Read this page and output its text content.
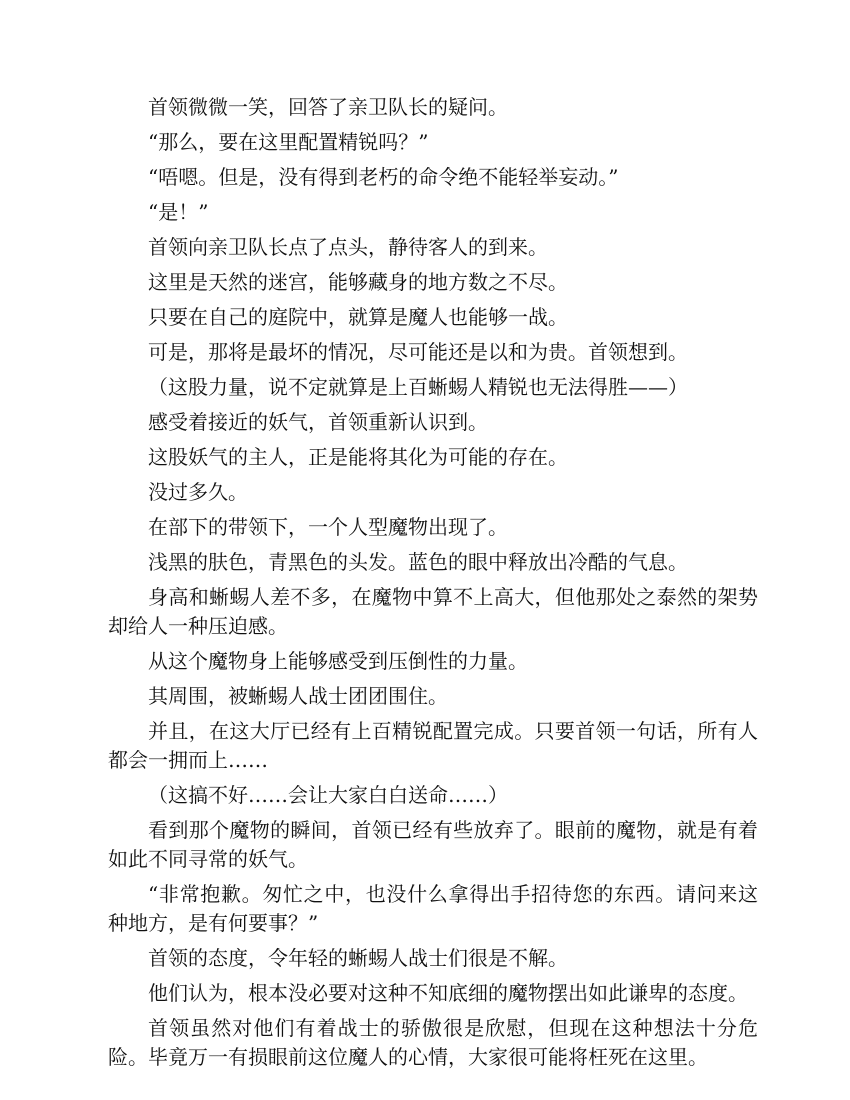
首领微微一笑，回答了亲卫队长的疑问。

“那么，要在这里配置精锐吗？”

“唔嗯。但是，没有得到老朽的命令绝不能轻举妄动。”

“是！”

首领向亲卫队长点了点头，静待客人的到来。

这里是天然的迷宫，能够藏身的地方数之不尽。

只要在自己的庭院中，就算是魔人也能够一战。

可是，那将是最坏的情况，尽可能还是以和为贵。首领想到。

（这股力量，说不定就算是上百蜥蜴人精锐也无法得胜——）

感受着接近的妖气，首领重新认识到。

这股妖气的主人，正是能将其化为可能的存在。

没过多久。

在部下的带领下，一个人型魔物出现了。

浅黑的肤色，青黑色的头发。蓝色的眼中释放出冷酷的气息。

身高和蜥蜴人差不多，在魔物中算不上高大，但他那处之泰然的架势却给人一种压迫感。

从这个魔物身上能够感受到压倒性的力量。

其周围，被蜥蜴人战士团团围住。

并且，在这大厅已经有上百精锐配置完成。只要首领一句话，所有人都会一拥而上……

（这搞不好……会让大家白白送命……）

看到那个魔物的瞬间，首领已经有些放弃了。眼前的魔物，就是有着如此不同寻常的妖气。

“非常抱歉。匆忙之中，也没什么拿得出手招待您的东西。请问来这种地方，是有何要事？”

首领的态度，令年轻的蜥蜴人战士们很是不解。

他们认为，根本没必要对这种不知底细的魔物摆出如此谦卑的态度。

首领虽然对他们有着战士的骄傲很是欣慰，但现在这种想法十分危险。毕竟万一有损眼前这位魔人的心情，大家很可能将枉死在这里。
